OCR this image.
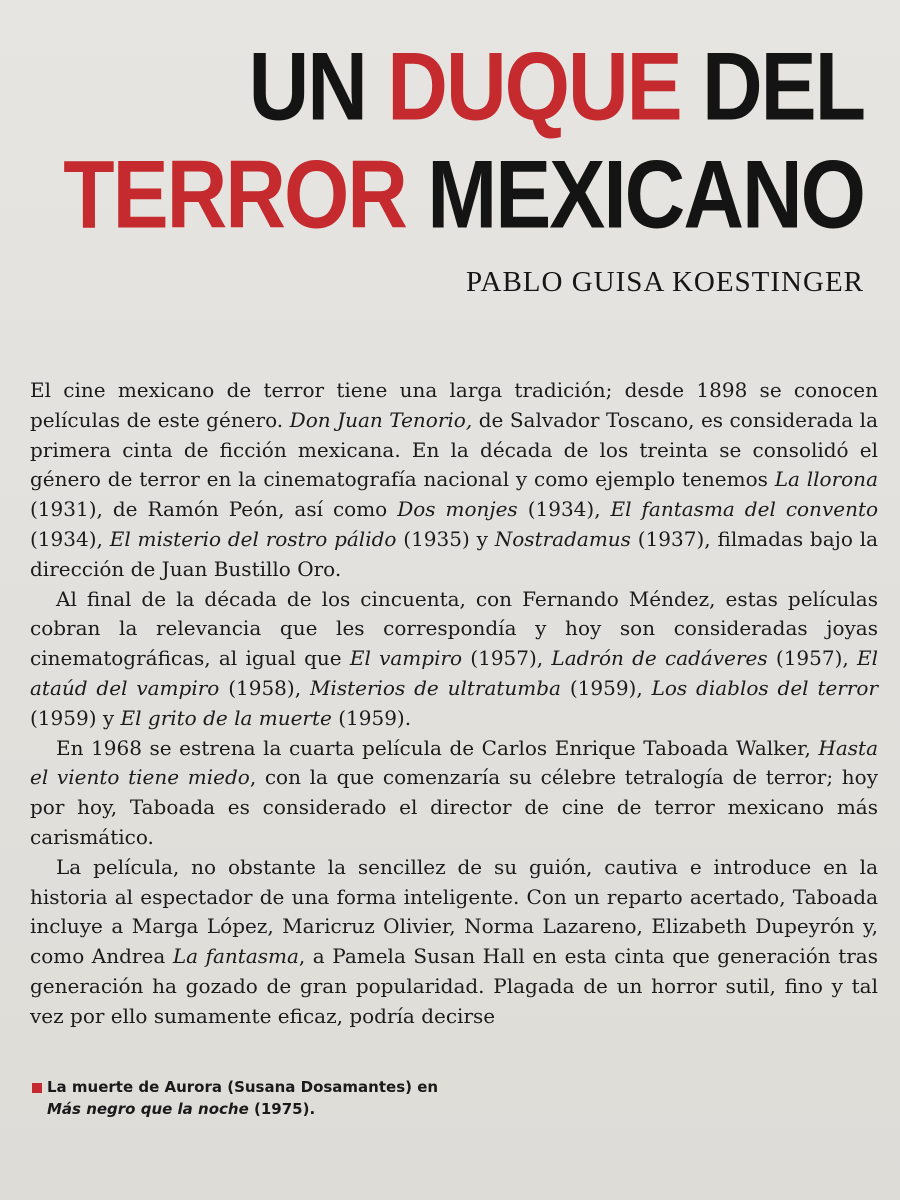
UN DUQUE DEL
TERROR MEXICANO
PABLO GUISA KOESTINGER

El cine mexicano de terror tiene una larga tradición; desde 1898 se conocen películas de este género. Don Juan Tenorio, de Salvador Toscano, es considerada la primera cinta de ficción mexicana. En la década de los treinta se consolidó el género de terror en la cinematografía nacional y como ejemplo tenemos La llorona (1931), de Ramón Peón, así como Dos monjes (1934), El fantasma del convento (1934), El misterio del rostro pálido (1935) y Nostradamus (1937), filmadas bajo la dirección de Juan Bustillo Oro.

Al final de la década de los cincuenta, con Fernando Méndez, estas películas cobran la relevancia que les correspondía y hoy son consideradas joyas cinematográficas, al igual que El vampiro (1957), Ladrón de cadáveres (1957), El ataúd del vampiro (1958), Misterios de ultratumba (1959), Los diablos del terror (1959) y El grito de la muerte (1959).

En 1968 se estrena la cuarta película de Carlos Enrique Taboada Walker, Hasta el viento tiene miedo, con la que comenzaría su célebre tetralogía de terror; hoy por hoy, Taboada es considerado el director de cine de terror mexicano más carismático.

La película, no obstante la sencillez de su guión, cautiva e introduce en la historia al espectador de una forma inteligente. Con un reparto acertado, Taboada incluye a Marga López, Maricruz Olivier, Norma Lazareno, Elizabeth Dupeyrón y, como Andrea La fantasma, a Pamela Susan Hall en esta cinta que generación tras generación ha gozado de gran popularidad. Plagada de un horror sutil, fino y tal vez por ello sumamente eficaz, podría decirse

La muerte de Aurora (Susana Dosamantes) en
Más negro que la noche (1975).
